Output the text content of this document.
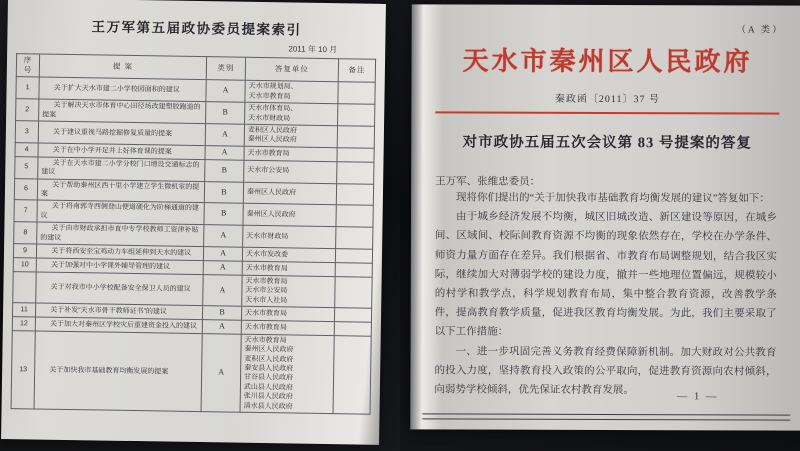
王万军第五届政协委员提案索引
2011 年 10 月
序号	提 案	类别	答复单位	备注
1	关于扩大天水市建二小学校园面积的建议	A	天水市规划局、
天水市教育局	
2	关于解决天水市体育中心田径场改建塑胶跑道的提案	B	天水市体育局、
天水市财政局	
3	关于建议重视马路挖掘修复质量的提案	A	麦积区人民政府
秦州区人民政府	
4	关于在中小学开足并上好体育课的提案	A	天水市教育局	
5	关于在天水市建二小学分校门口增设交通标志的建议	B	天水市公安局	
6	关于帮助秦州区西十里小学建立学生微机室的提案	B	秦州区人民政府	
7	关于将南郭寺西侧登山便道硬化为阶梯通道的建议	B	秦州区人民政府	
8	关于由市财政承担市直中专学校教师工资津补贴的建议	A	天水市财政局	
9	关于将西安至宝鸡动力车组延伸到天水的建议	A	天水市发改委	
10	关于加强对中小学课外辅导管理的建议	A	天水市教育局	
	关于对我市中小学校配备安全保卫人员的建议	A	天水市教育局
天水市公安局
天水市人社局	
11	关于补发“天水市骨干教师证书”的建议	B	天水市教育局	
12	关于加大对秦州区学校灾后重建资金投入的建议	A	天水市教育局	
13	关于加快我市基础教育均衡发展的提案	A	天水市教育局
秦州区人民政府
麦积区人民政府
秦安县人民政府
甘谷县人民政府
武山县人民政府
张川县人民政府
清水县人民政府	
（A 类）
天水市秦州区人民政府
秦政函〔2011〕37 号
对市政协五届五次会议第 83 号提案的答复
王万军、张维忠委员：

现将你们提出的“关于加快我市基础教育均衡发展的建议”答复如下：

由于城乡经济发展不均衡，城区旧城改造、新区建设等原因，在城乡间、区域间、校际间教育资源不均衡的现象依然存在，学校在办学条件、师资力量方面存在差异。我们根据省、市教育布局调整规划，结合我区实际，继续加大对薄弱学校的建设力度，撤并一些地理位置偏远，规模较小的村学和教学点，科学规划教育布局，集中整合教育资源，改善教学条件，提高教育教学质量，促进我区教育均衡发展。为此，我们主要采取了以下工作措施：

一、进一步巩固完善义务教育经费保障新机制。加大财政对公共教育的投入力度，坚持教育投入政策的公平取向，促进教育资源向农村倾斜，向弱势学校倾斜，优先保证农村教育发展。

— 1 —
